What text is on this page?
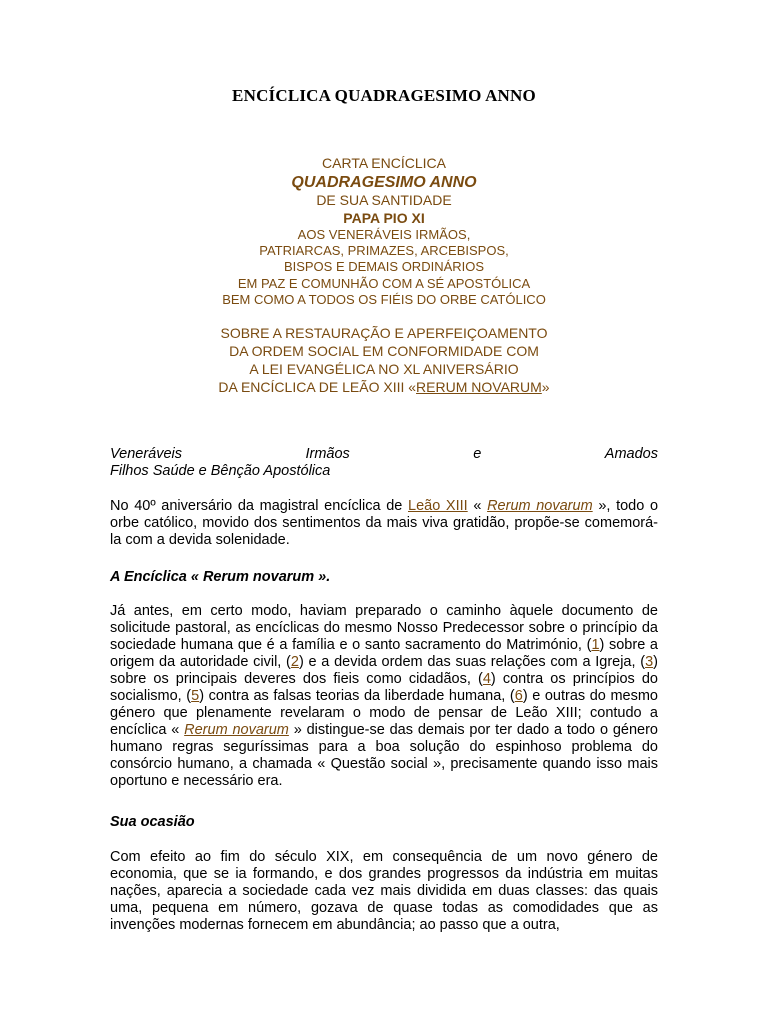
ENCÍCLICA QUADRAGESIMO ANNO
CARTA ENCÍCLICA
QUADRAGESIMO ANNO
DE SUA SANTIDADE
PAPA PIO XI
AOS VENERÁVEIS IRMÃOS,
PATRIARCAS, PRIMAZES, ARCEBISPOS,
BISPOS E DEMAIS ORDINÁRIOS
EM PAZ E COMUNHÃO COM A SÉ APOSTÓLICA
BEM COMO A TODOS OS FIÉIS DO ORBE CATÓLICO
SOBRE A RESTAURAÇÃO E APERFEIÇOAMENTO
DA ORDEM SOCIAL EM CONFORMIDADE COM
A LEI EVANGÉLICA NO XL ANIVERSÁRIO
DA ENCÍCLICA DE LEÃO XIII «RERUM NOVARUM»
Veneráveis	Irmãos	e	Amados
Filhos Saúde e Bênção Apostólica
No 40º aniversário da magistral encíclica de Leão XIII « Rerum novarum », todo o orbe católico, movido dos sentimentos da mais viva gratidão, propõe-se comemorá-la com a devida solenidade.
A Encíclica « Rerum novarum ».
Já antes, em certo modo, haviam preparado o caminho àquele documento de solicitude pastoral, as encíclicas do mesmo Nosso Predecessor sobre o princípio da sociedade humana que é a família e o santo sacramento do Matrimónio, (1) sobre a origem da autoridade civil, (2) e a devida ordem das suas relações com a Igreja, (3) sobre os principais deveres dos fieis como cidadãos, (4) contra os princípios do socialismo, (5) contra as falsas teorias da liberdade humana, (6) e outras do mesmo género que plenamente revelaram o modo de pensar de Leão XIII; contudo a encíclica « Rerum novarum » distingue-se das demais por ter dado a todo o género humano regras seguríssimas para a boa solução do espinhoso problema do consórcio humano, a chamada « Questão social », precisamente quando isso mais oportuno e necessário era.
Sua ocasião
Com efeito ao fim do século XIX, em consequência de um novo género de economia, que se ia formando, e dos grandes progressos da indústria em muitas nações, aparecia a sociedade cada vez mais dividida em duas classes: das quais uma, pequena em número, gozava de quase todas as comodidades que as invenções modernas fornecem em abundância; ao passo que a outra,
